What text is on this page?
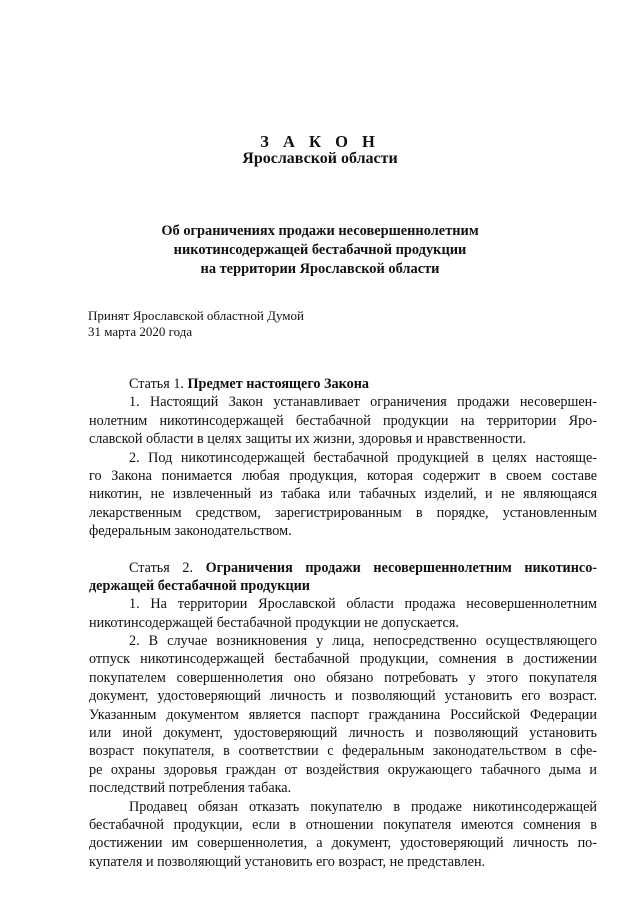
З А К О Н
Ярославской области
Об ограничениях продажи несовершеннолетним
никотинсодержащей бестабачной продукции
на территории Ярославской области
Принят Ярославской областной Думой
31 марта 2020 года
Статья 1. Предмет настоящего Закона
1. Настоящий Закон устанавливает ограничения продажи несовершен-
нолетним никотинсодержащей бестабачной продукции на территории Яро-
славской области в целях защиты их жизни, здоровья и нравственности.
2. Под никотинсодержащей бестабачной продукцией в целях настояще-
го Закона понимается любая продукция, которая содержит в своем составе
никотин, не извлеченный из табака или табачных изделий, и не являющаяся
лекарственным средством, зарегистрированным в порядке, установленным
федеральным законодательством.
Статья 2. Ограничения продажи несовершеннолетним никотинсо-
держащей бестабачной продукции
1. На территории Ярославской области продажа несовершеннолетним
никотинсодержащей бестабачной продукции не допускается.
2. В случае возникновения у лица, непосредственно осуществляющего
отпуск никотинсодержащей бестабачной продукции, сомнения в достижении
покупателем совершеннолетия оно обязано потребовать у этого покупателя
документ, удостоверяющий личность и позволяющий установить его возраст.
Указанным документом является паспорт гражданина Российской Федерации
или иной документ, удостоверяющий личность и позволяющий установить
возраст покупателя, в соответствии с федеральным законодательством в сфе-
ре охраны здоровья граждан от воздействия окружающего табачного дыма и
последствий потребления табака.
Продавец обязан отказать покупателю в продаже никотинсодержащей
бестабачной продукции, если в отношении покупателя имеются сомнения в
достижении им совершеннолетия, а документ, удостоверяющий личность по-
купателя и позволяющий установить его возраст, не представлен.
